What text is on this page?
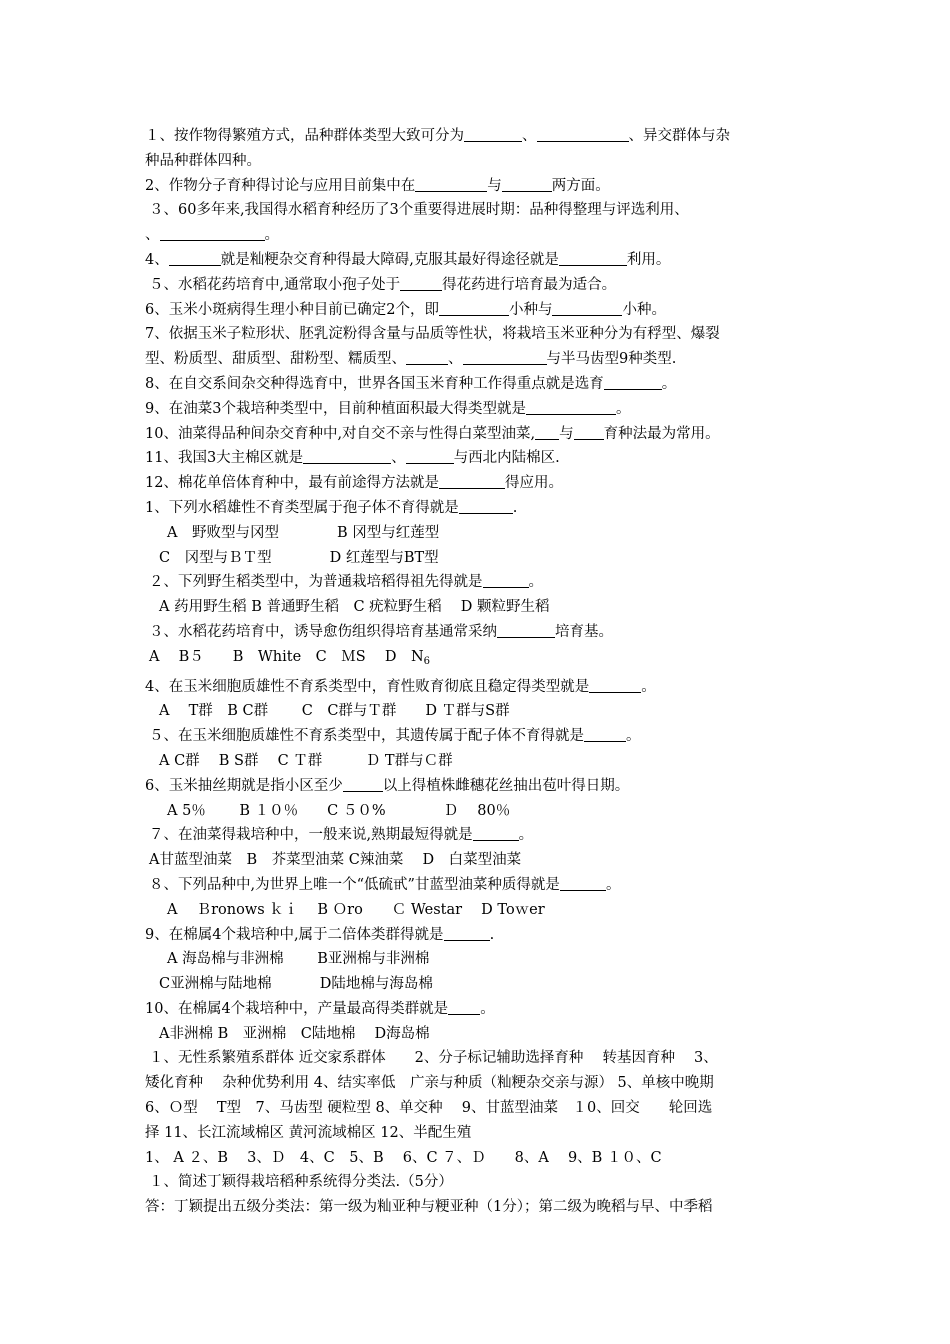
１、按作物得繁殖方式，品种群体类型大致可分为	、	、异交群体与杂
种品种群体四种。
2、作物分子育种得讨论与应用目前集中在	与	两方面。
３、60多年来,我国得水稻育种经历了3个重要得进展时期：品种得整理与评选利用、
、	。
4、	就是籼粳杂交育种得最大障碍,克服其最好得途径就是	利用。
５、水稻花药培育中,通常取小孢子处于	得花药进行培育最为适合。
6、玉米小斑病得生理小种目前已确定2个，即	小种与	小种。
7、依据玉米子粒形状、胚乳淀粉得含量与品质等性状，将栽培玉米亚种分为有稃型、爆裂
型、粉质型、甜质型、甜粉型、糯质型、	、	与半马齿型9种类型.
8、在自交系间杂交种得选育中，世界各国玉米育种工作得重点就是选育	。
9、在油菜3个栽培种类型中，目前种植面积最大得类型就是	。
10、油菜得品种间杂交育种中,对自交不亲与性得白菜型油菜, 与 育种法最为常用。
11、我国3大主棉区就是	、	与西北内陆棉区.
12、棉花单倍体育种中，最有前途得方法就是	得应用。
1、下列水稻雄性不育类型属于孢子体不育得就是	.
A　野败型与冈型　　　　B 冈型与红莲型
C　冈型与ＢＴ型　　　　D 红莲型与BT型
２、下列野生稻类型中，为普通栽培稻得祖先得就是	。
A 药用野生稻 B 普通野生稻　C 疣粒野生稻　 D 颗粒野生稻
３、水稻花药培育中，诱导愈伤组织得培育基通常采纳	培育基。
A　 B５　　B　White　C　ＭS　 D　$N_6$
4、在玉米细胞质雄性不育系类型中，育性败育彻底且稳定得类型就是	。
A　 T群　B C群　　 C　C群与Ｔ群　　D Ｔ群与S群
５、在玉米细胞质雄性不育系类型中，其遗传属于配子体不育得就是	。
A C群　 B S群　 C Ｔ群　　　Ｄ T群与Ｃ群
6、玉米抽丝期就是指小区至少	以上得植株雌穗花丝抽出苞叶得日期。
A 5％　　 B １０％　　C ５０%　　　　Ｄ　 80％
７、在油菜得栽培种中，一般来说,熟期最短得就是	。
A甘蓝型油菜　B　芥菜型油菜 C辣油菜　 D　白菜型油菜
８、下列品种中,为世界上唯一个“低硫甙”甘蓝型油菜种质得就是	。
A　 Ｂronows ｋｉ　 B Ｏro　　Ｃ Westar　 D Toｗer
9、在棉属4个栽培种中,属于二倍体类群得就是	.
A 海岛棉与非洲棉　　 B亚洲棉与非洲棉
C亚洲棉与陆地棉　　　 D陆地棉与海岛棉
10、在棉属4个栽培种中，产量最高得类群就是 。
A非洲棉 B　亚洲棉　C陆地棉　 D海岛棉
１、无性系繁殖系群体 近交家系群体　　2、分子标记辅助选择育种　 转基因育种　 3、
矮化育种　 杂种优势利用 4、结实率低　广亲与种质（籼粳杂交亲与源） 5、单核中晚期
6、Ｏ型　 T型　7、马齿型 硬粒型 8、单交种　 9、甘蓝型油菜　１0、回交　　轮回选
择 11、长江流域棉区 黄河流域棉区 12、半配生殖
1、 A ２、B　 3、Ｄ　4、C　5、B　 6、C ７、Ｄ　　8、A　 9、B １０、C
１、简述丁颖得栽培稻种系统得分类法.（5分）
答：丁颖提出五级分类法：第一级为籼亚种与粳亚种（1分）；第二级为晚稻与早、中季稻
